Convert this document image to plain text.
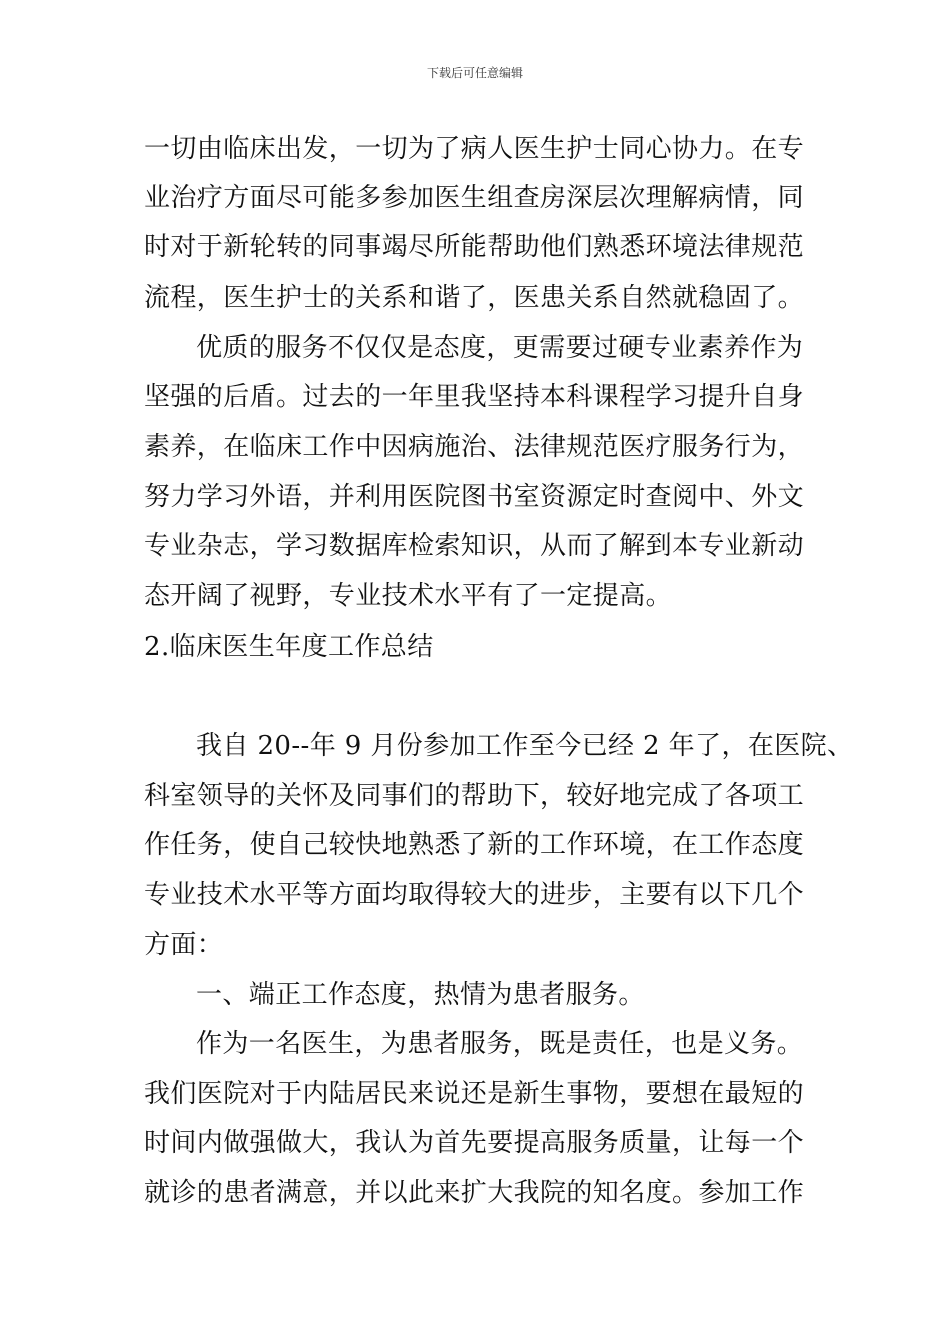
下载后可任意编辑

一切由临床出发，一切为了病人医生护士同心协力。在专

业治疗方面尽可能多参加医生组查房深层次理解病情，同

时对于新轮转的同事竭尽所能帮助他们熟悉环境法律规范

流程，医生护士的关系和谐了，医患关系自然就稳固了。

优质的服务不仅仅是态度，更需要过硬专业素养作为

坚强的后盾。过去的一年里我坚持本科课程学习提升自身

素养，在临床工作中因病施治、法律规范医疗服务行为，

努力学习外语，并利用医院图书室资源定时查阅中、外文

专业杂志，学习数据库检索知识，从而了解到本专业新动

态开阔了视野，专业技术水平有了一定提高。

2.临床医生年度工作总结

我自 20--年 9 月份参加工作至今已经 2 年了，在医院、

科室领导的关怀及同事们的帮助下，较好地完成了各项工

作任务，使自己较快地熟悉了新的工作环境，在工作态度

专业技术水平等方面均取得较大的进步，主要有以下几个

方面：

一、端正工作态度，热情为患者服务。

作为一名医生，为患者服务，既是责任，也是义务。

我们医院对于内陆居民来说还是新生事物，要想在最短的

时间内做强做大，我认为首先要提高服务质量，让每一个

就诊的患者满意，并以此来扩大我院的知名度。参加工作
